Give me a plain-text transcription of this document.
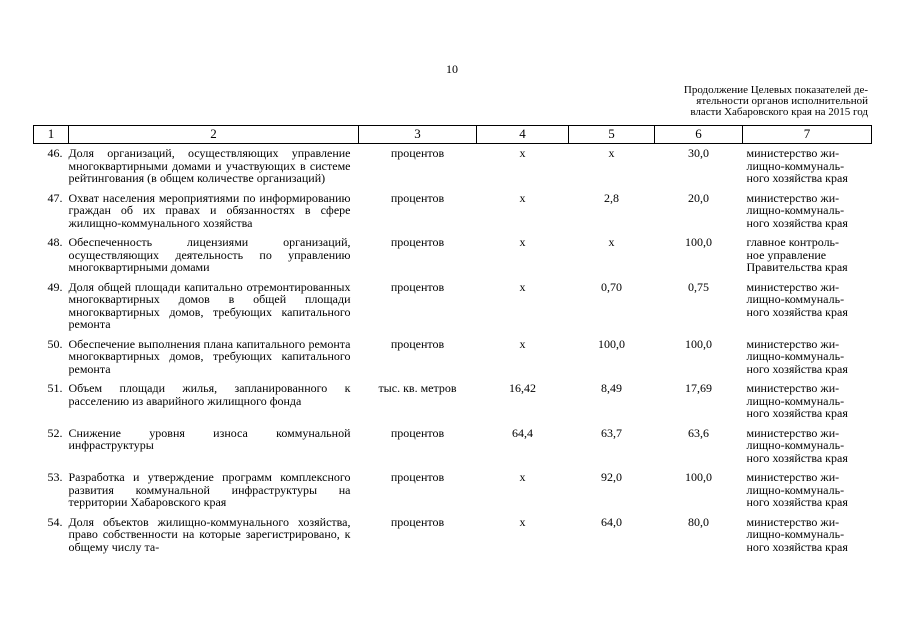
10
Продолжение Целевых показателей де-
ятельности органов исполнительной
власти Хабаровского края на 2015 год
1	2	3	4	5	6	7
46.	Доля организаций, осуществляющих управление многоквартирными домами и участвующих в системе рейтингования (в общем количестве организаций)	процентов	х	х	30,0	министерство жи-
лищно-коммуналь-
ного хозяйства края

47.	Охват населения мероприятиями по информированию граждан об их правах и обязанностях в сфере жилищно-коммунального хозяйства	процентов	х	2,8	20,0	министерство жи-
лищно-коммуналь-
ного хозяйства края

48.	Обеспеченность лицензиями организаций, осуществляющих деятельность по управлению многоквартирными домами	процентов	х	х	100,0	главное контроль-
ное управление
Правительства края

49.	Доля общей площади капитально отремонтированных многоквартирных домов в общей площади многоквартирных домов, требующих капитального ремонта	процентов	х	0,70	0,75	министерство жи-
лищно-коммуналь-
ного хозяйства края

50.	Обеспечение выполнения плана капитального ремонта многоквартирных домов, требующих капитального ремонта	процентов	х	100,0	100,0	министерство жи-
лищно-коммуналь-
ного хозяйства края

51.	Объем площади жилья, запланированного к расселению из аварийного жилищного фонда	тыс. кв. метров	16,42	8,49	17,69	министерство жи-
лищно-коммуналь-
ного хозяйства края

52.	Снижение уровня износа коммунальной инфраструктуры	процентов	64,4	63,7	63,6	министерство жи-
лищно-коммуналь-
ного хозяйства края

53.	Разработка и утверждение программ комплексного развития коммунальной инфраструктуры на территории Хабаровского края	процентов	х	92,0	100,0	министерство жи-
лищно-коммуналь-
ного хозяйства края

54.	Доля объектов жилищно-коммунального хозяйства, право собственности на которые зарегистрировано, к общему числу та-	процентов	х	64,0	80,0	министерство жи-
лищно-коммуналь-
ного хозяйства края
